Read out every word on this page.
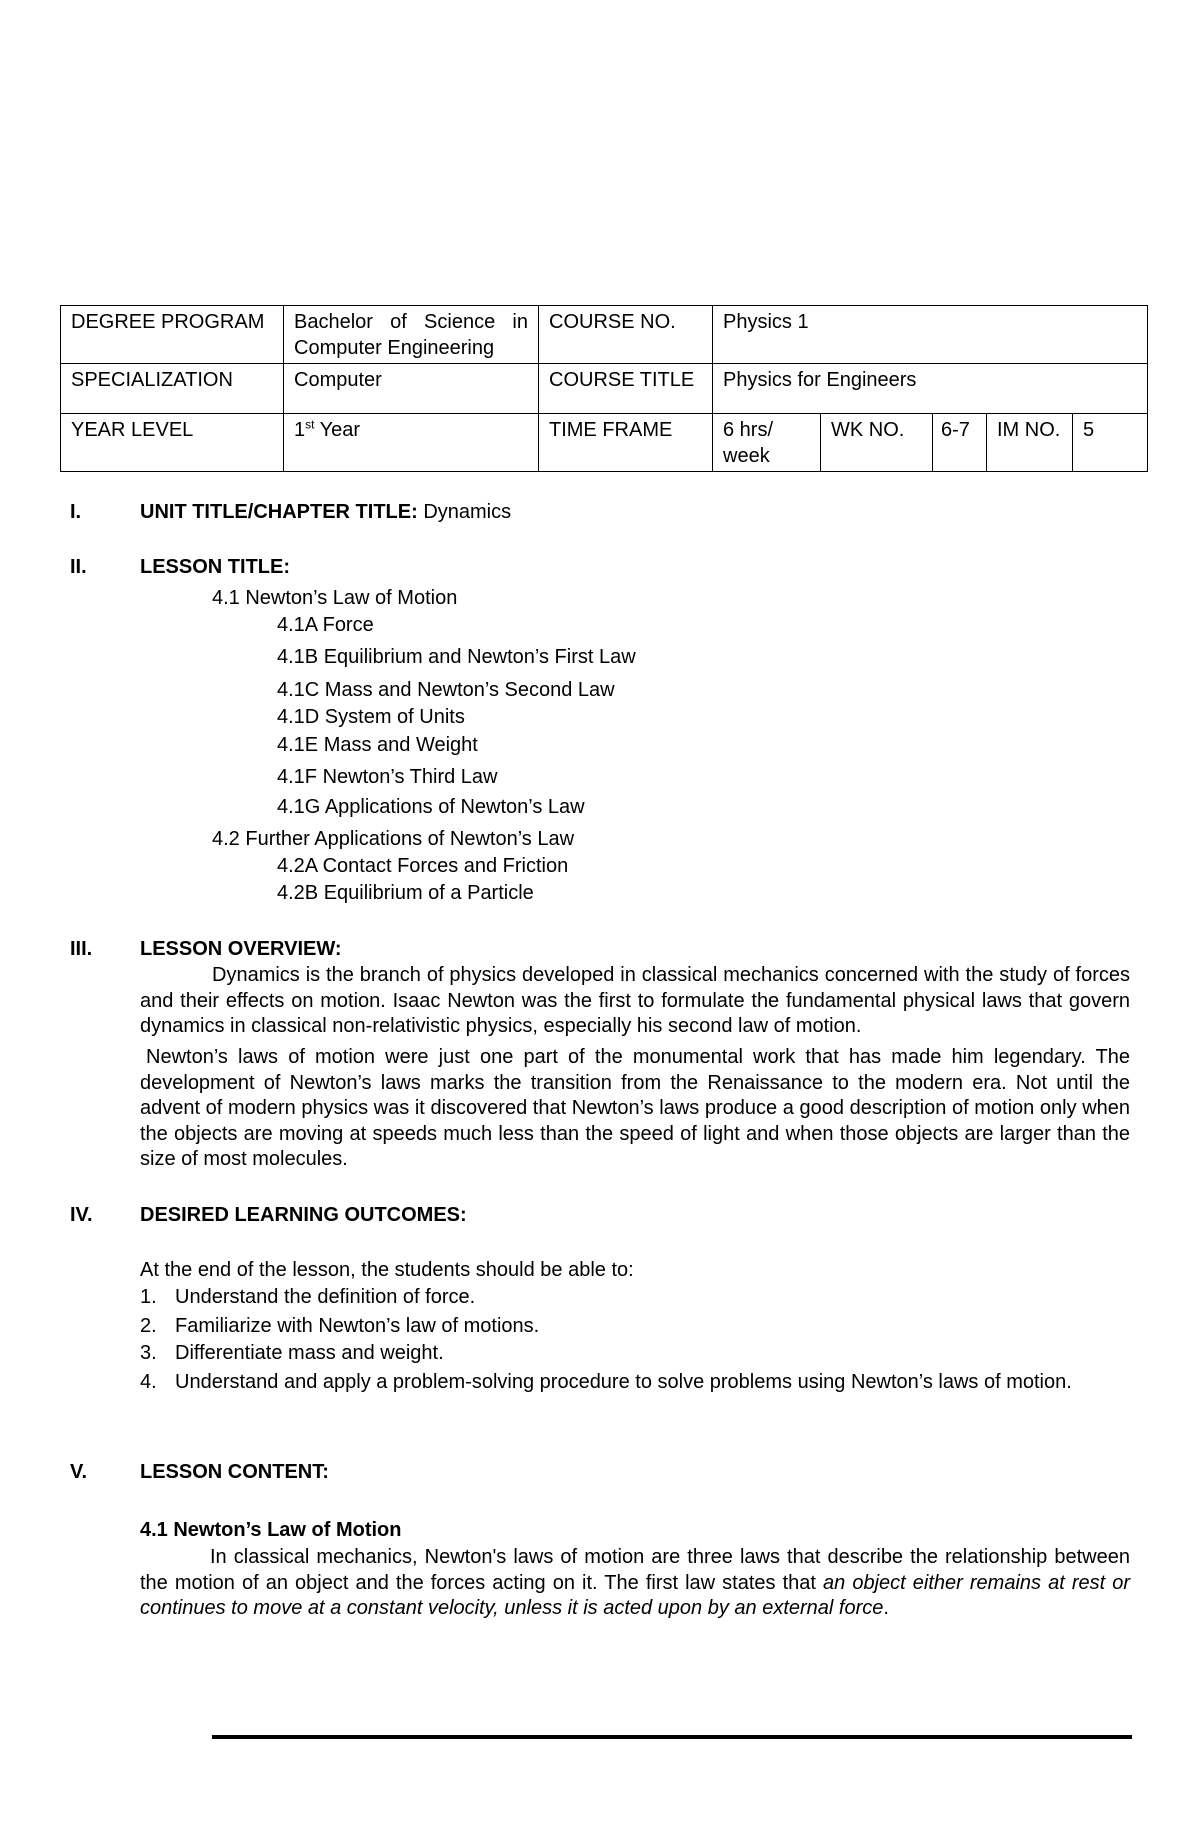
DEGREE PROGRAM	Bachelor of Science in Computer Engineering	COURSE NO.	Physics 1				
SPECIALIZATION	Computer	COURSE TITLE	Physics for Engineers				
YEAR LEVEL	1st Year	TIME FRAME	6 hrs/ week	WK NO.	6-7	IM NO.	5
I.	UNIT TITLE/CHAPTER TITLE: Dynamics
II.	LESSON TITLE:
4.1 Newton’s Law of Motion
4.1A Force
4.1B Equilibrium and Newton’s First Law
4.1C Mass and Newton’s Second Law
4.1D System of Units
4.1E Mass and Weight
4.1F Newton’s Third Law
4.1G Applications of Newton’s Law
4.2 Further Applications of Newton’s Law
4.2A Contact Forces and Friction
4.2B Equilibrium of a Particle
III. LESSON OVERVIEW:
Dynamics is the branch of physics developed in classical mechanics concerned with the study of forces and their effects on motion. Isaac Newton was the first to formulate the fundamental physical laws that govern dynamics in classical non-relativistic physics, especially his second law of motion.
Newton’s laws of motion were just one part of the monumental work that has made him legendary. The development of Newton’s laws marks the transition from the Renaissance to the modern era. Not until the advent of modern physics was it discovered that Newton’s laws produce a good description of motion only when the objects are moving at speeds much less than the speed of light and when those objects are larger than the size of most molecules.
IV. DESIRED LEARNING OUTCOMES:
At the end of the lesson, the students should be able to:
1. Understand the definition of force.
2. Familiarize with Newton’s law of motions.
3. Differentiate mass and weight.
4. Understand and apply a problem-solving procedure to solve problems using Newton’s laws of motion.
V.	LESSON CONTENT:
4.1 Newton’s Law of Motion
In classical mechanics, Newton's laws of motion are three laws that describe the relationship between the motion of an object and the forces acting on it. The first law states that an object either remains at rest or continues to move at a constant velocity, unless it is acted upon by an external force.
